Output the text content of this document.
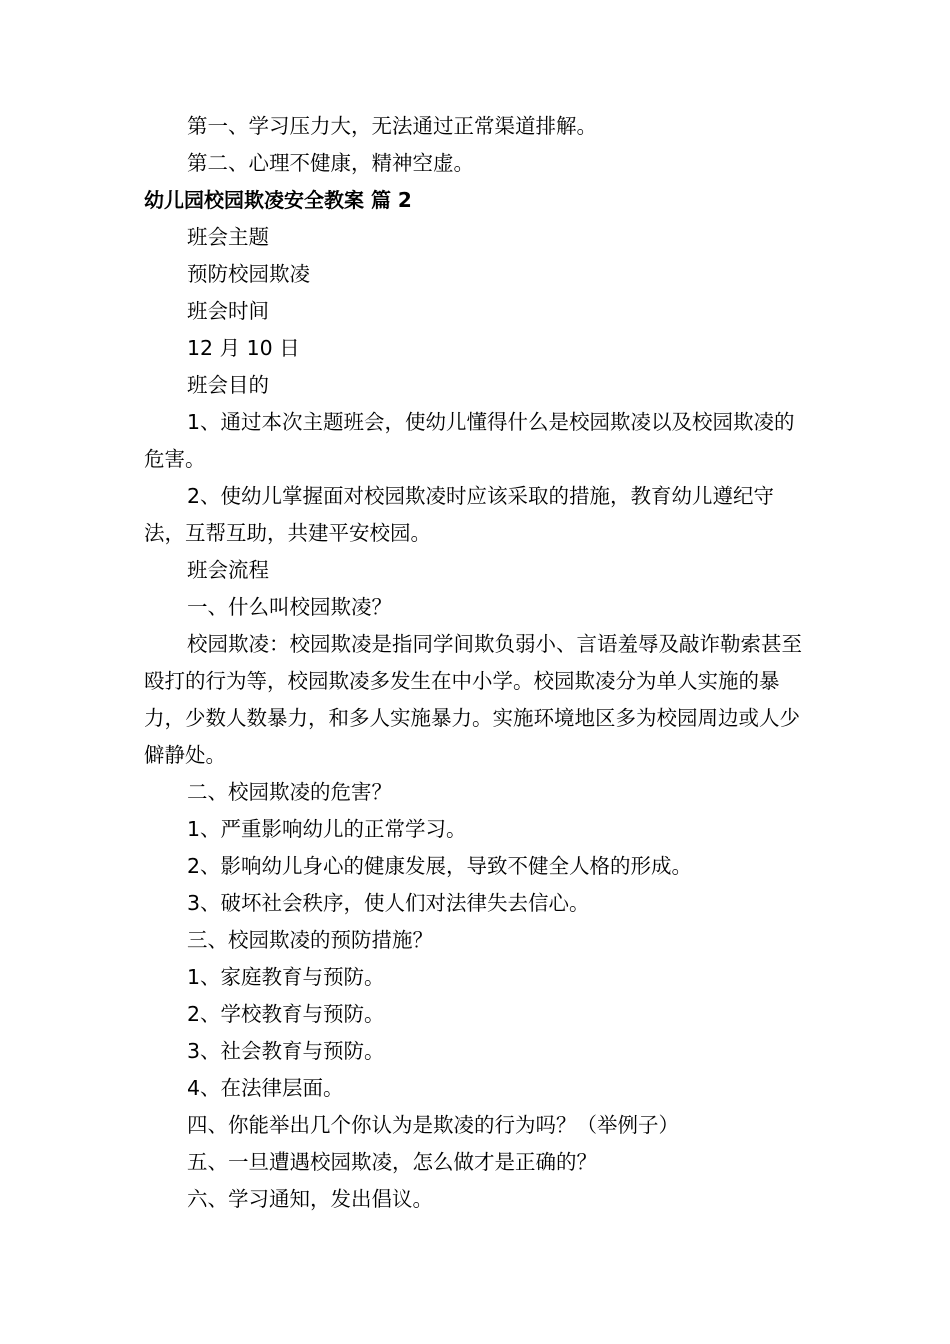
第一、学习压力大，无法通过正常渠道排解。

第二、心理不健康，精神空虚。

幼儿园校园欺凌安全教案 篇 2

班会主题

预防校园欺凌

班会时间

12 月 10 日

班会目的

1、通过本次主题班会，使幼儿懂得什么是校园欺凌以及校园欺凌的危害。

2、使幼儿掌握面对校园欺凌时应该采取的措施，教育幼儿遵纪守法，互帮互助，共建平安校园。

班会流程

一、什么叫校园欺凌？

校园欺凌：校园欺凌是指同学间欺负弱小、言语羞辱及敲诈勒索甚至殴打的行为等，校园欺凌多发生在中小学。校园欺凌分为单人实施的暴力，少数人数暴力，和多人实施暴力。实施环境地区多为校园周边或人少僻静处。

二、校园欺凌的危害？

1、严重影响幼儿的正常学习。

2、影响幼儿身心的健康发展，导致不健全人格的形成。

3、破坏社会秩序，使人们对法律失去信心。

三、校园欺凌的预防措施？

1、家庭教育与预防。

2、学校教育与预防。

3、社会教育与预防。

4、在法律层面。

四、你能举出几个你认为是欺凌的行为吗？（举例子）

五、一旦遭遇校园欺凌，怎么做才是正确的？

六、学习通知，发出倡议。
